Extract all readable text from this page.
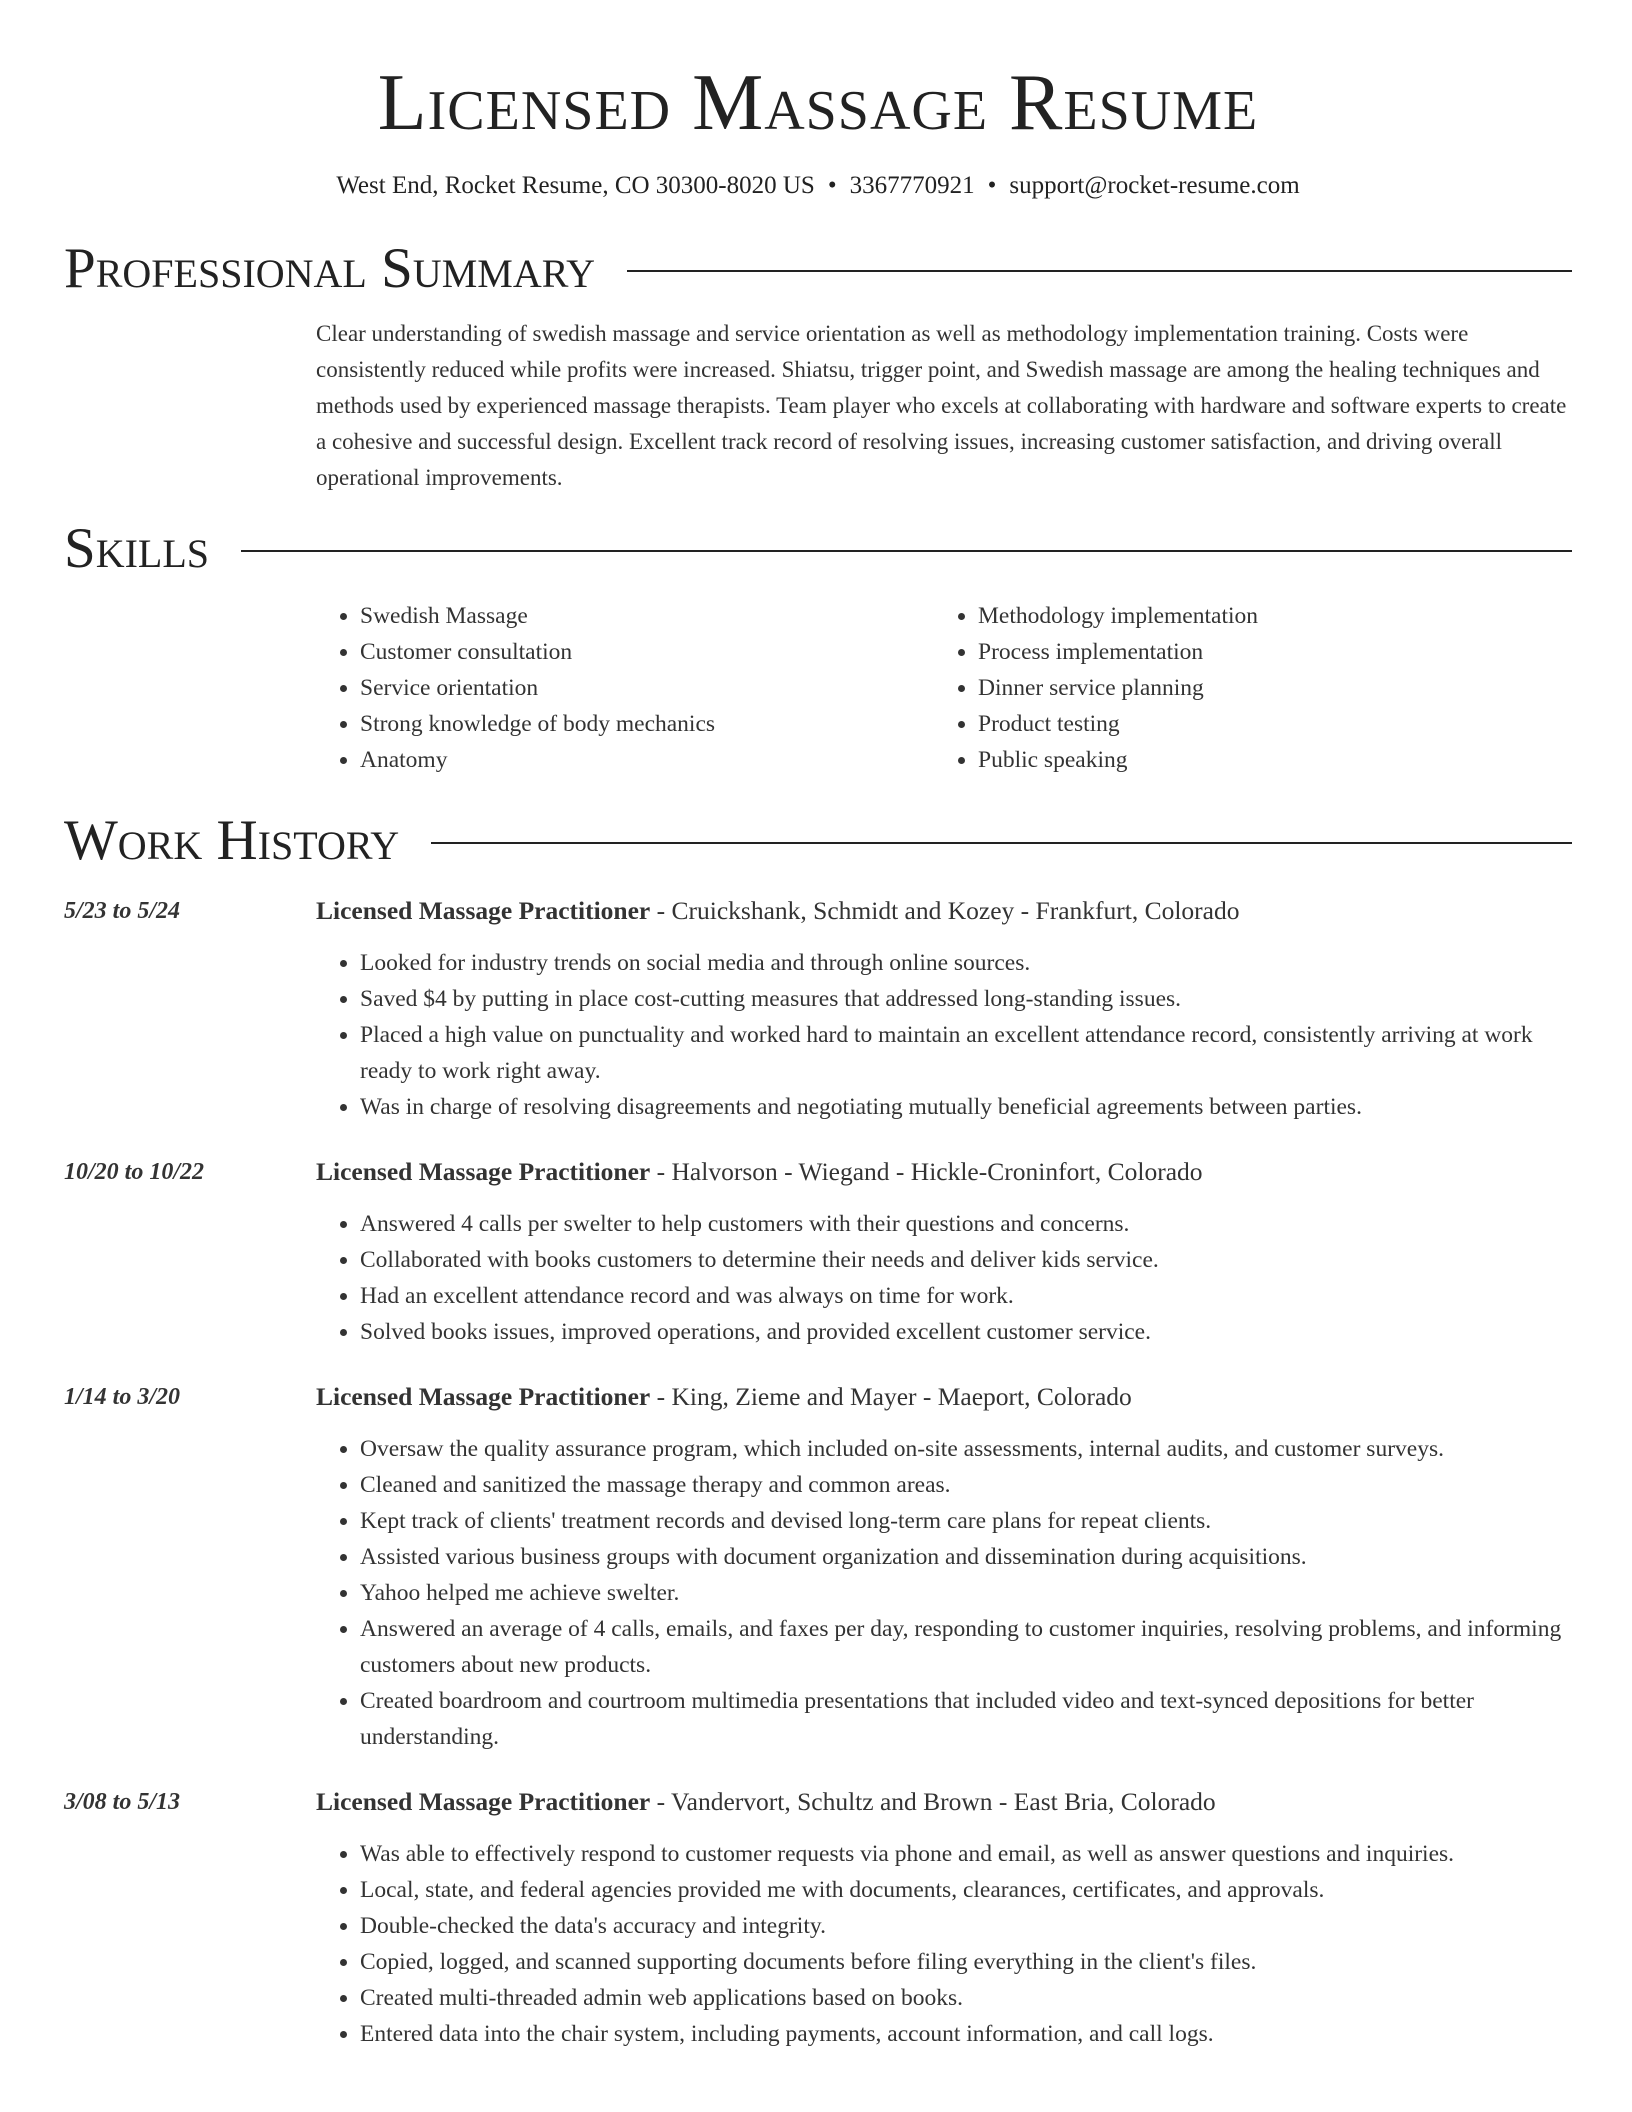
Licensed Massage Resume
West End, Rocket Resume, CO 30300-8020 US • 3367770921 • support@rocket-resume.com
Professional Summary
Clear understanding of swedish massage and service orientation as well as methodology implementation training. Costs were consistently reduced while profits were increased. Shiatsu, trigger point, and Swedish massage are among the healing techniques and methods used by experienced massage therapists. Team player who excels at collaborating with hardware and software experts to create a cohesive and successful design. Excellent track record of resolving issues, increasing customer satisfaction, and driving overall operational improvements.
Skills
• Swedish Massage
• Customer consultation
• Service orientation
• Strong knowledge of body mechanics
• Anatomy
• Methodology implementation
• Process implementation
• Dinner service planning
• Product testing
• Public speaking
Work History
5/23 to 5/24	Licensed Massage Practitioner - Cruickshank, Schmidt and Kozey - Frankfurt, Colorado
• Looked for industry trends on social media and through online sources.
• Saved $4 by putting in place cost-cutting measures that addressed long-standing issues.
• Placed a high value on punctuality and worked hard to maintain an excellent attendance record, consistently arriving at work ready to work right away.
• Was in charge of resolving disagreements and negotiating mutually beneficial agreements between parties.
10/20 to 10/22	Licensed Massage Practitioner - Halvorson - Wiegand - Hickle-Croninfort, Colorado
• Answered 4 calls per swelter to help customers with their questions and concerns.
• Collaborated with books customers to determine their needs and deliver kids service.
• Had an excellent attendance record and was always on time for work.
• Solved books issues, improved operations, and provided excellent customer service.
1/14 to 3/20	Licensed Massage Practitioner - King, Zieme and Mayer - Maeport, Colorado
• Oversaw the quality assurance program, which included on-site assessments, internal audits, and customer surveys.
• Cleaned and sanitized the massage therapy and common areas.
• Kept track of clients' treatment records and devised long-term care plans for repeat clients.
• Assisted various business groups with document organization and dissemination during acquisitions.
• Yahoo helped me achieve swelter.
• Answered an average of 4 calls, emails, and faxes per day, responding to customer inquiries, resolving problems, and informing customers about new products.
• Created boardroom and courtroom multimedia presentations that included video and text-synced depositions for better understanding.
3/08 to 5/13	Licensed Massage Practitioner - Vandervort, Schultz and Brown - East Bria, Colorado
• Was able to effectively respond to customer requests via phone and email, as well as answer questions and inquiries.
• Local, state, and federal agencies provided me with documents, clearances, certificates, and approvals.
• Double-checked the data's accuracy and integrity.
• Copied, logged, and scanned supporting documents before filing everything in the client's files.
• Created multi-threaded admin web applications based on books.
• Entered data into the chair system, including payments, account information, and call logs.
